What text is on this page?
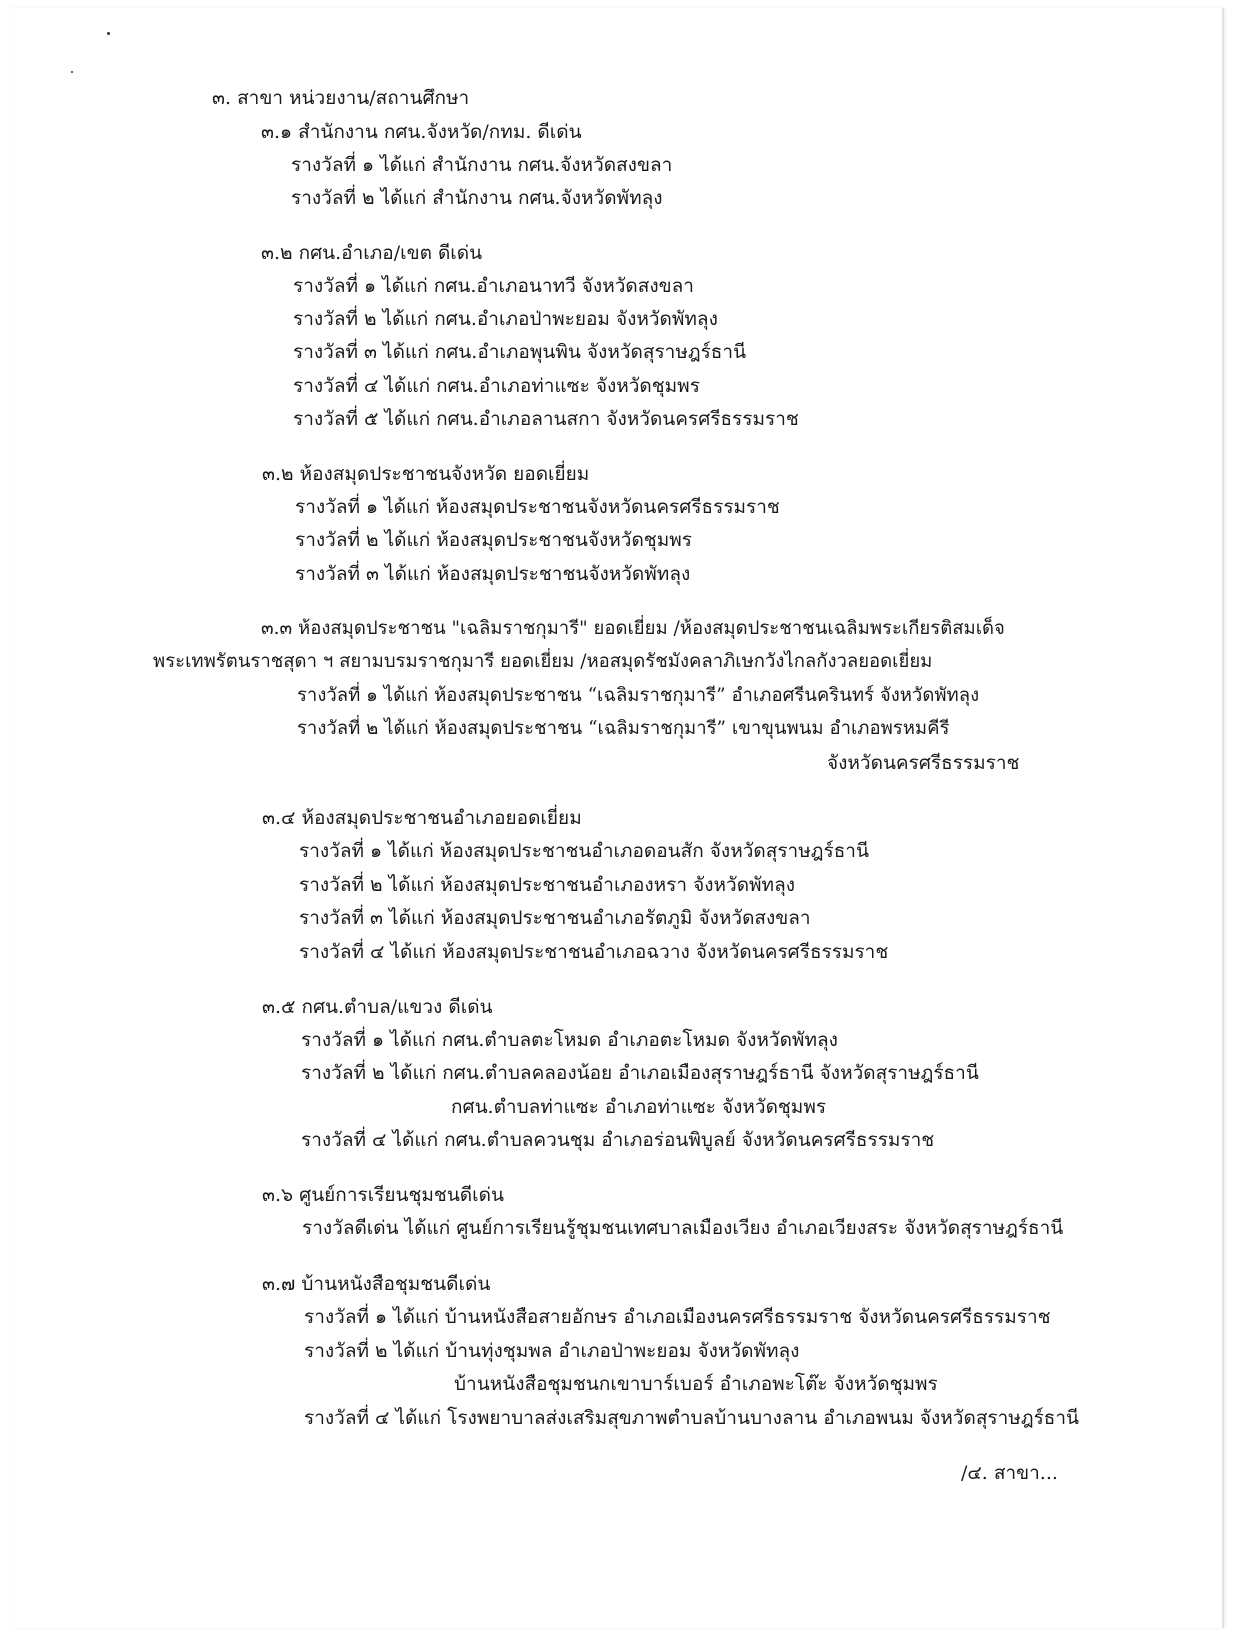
๓. สาขา หน่วยงาน/สถานศึกษา
๓.๑ สำนักงาน กศน.จังหวัด/กทม. ดีเด่น
รางวัลที่ ๑ ได้แก่ สำนักงาน กศน.จังหวัดสงขลา
รางวัลที่ ๒ ได้แก่ สำนักงาน กศน.จังหวัดพัทลุง
๓.๒ กศน.อำเภอ/เขต ดีเด่น
รางวัลที่ ๑ ได้แก่ กศน.อำเภอนาทวี จังหวัดสงขลา
รางวัลที่ ๒ ได้แก่ กศน.อำเภอป่าพะยอม จังหวัดพัทลุง
รางวัลที่ ๓ ได้แก่ กศน.อำเภอพุนพิน จังหวัดสุราษฎร์ธานี
รางวัลที่ ๔ ได้แก่ กศน.อำเภอท่าแซะ จังหวัดชุมพร
รางวัลที่ ๕ ได้แก่ กศน.อำเภอลานสกา จังหวัดนครศรีธรรมราช
๓.๒ ห้องสมุดประชาชนจังหวัด ยอดเยี่ยม
รางวัลที่ ๑ ได้แก่ ห้องสมุดประชาชนจังหวัดนครศรีธรรมราช
รางวัลที่ ๒ ได้แก่ ห้องสมุดประชาชนจังหวัดชุมพร
รางวัลที่ ๓ ได้แก่ ห้องสมุดประชาชนจังหวัดพัทลุง
๓.๓ ห้องสมุดประชาชน "เฉลิมราชกุมารี" ยอดเยี่ยม /ห้องสมุดประชาชนเฉลิมพระเกียรติสมเด็จ
พระเทพรัตนราชสุดา ฯ สยามบรมราชกุมารี ยอดเยี่ยม /หอสมุดรัชมังคลาภิเษกวังไกลกังวลยอดเยี่ยม
รางวัลที่ ๑ ได้แก่ ห้องสมุดประชาชน “เฉลิมราชกุมารี” อำเภอศรีนครินทร์ จังหวัดพัทลุง
รางวัลที่ ๒ ได้แก่ ห้องสมุดประชาชน “เฉลิมราชกุมารี” เขาขุนพนม อำเภอพรหมคีรี
จังหวัดนครศรีธรรมราช
๓.๔ ห้องสมุดประชาชนอำเภอยอดเยี่ยม
รางวัลที่ ๑ ได้แก่ ห้องสมุดประชาชนอำเภอดอนสัก จังหวัดสุราษฎร์ธานี
รางวัลที่ ๒ ได้แก่ ห้องสมุดประชาชนอำเภองหรา จังหวัดพัทลุง
รางวัลที่ ๓ ได้แก่ ห้องสมุดประชาชนอำเภอรัตภูมิ จังหวัดสงขลา
รางวัลที่ ๔ ได้แก่ ห้องสมุดประชาชนอำเภอฉวาง จังหวัดนครศรีธรรมราช
๓.๕ กศน.ตำบล/แขวง ดีเด่น
รางวัลที่ ๑ ได้แก่ กศน.ตำบลตะโหมด อำเภอตะโหมด จังหวัดพัทลุง
รางวัลที่ ๒ ได้แก่ กศน.ตำบลคลองน้อย อำเภอเมืองสุราษฎร์ธานี จังหวัดสุราษฎร์ธานี
กศน.ตำบลท่าแซะ อำเภอท่าแซะ จังหวัดชุมพร
รางวัลที่ ๔ ได้แก่ กศน.ตำบลควนชุม อำเภอร่อนพิบูลย์ จังหวัดนครศรีธรรมราช
๓.๖ ศูนย์การเรียนชุมชนดีเด่น
รางวัลดีเด่น ได้แก่ ศูนย์การเรียนรู้ชุมชนเทศบาลเมืองเวียง อำเภอเวียงสระ จังหวัดสุราษฎร์ธานี
๓.๗ บ้านหนังสือชุมชนดีเด่น
รางวัลที่ ๑ ได้แก่ บ้านหนังสือสายอักษร อำเภอเมืองนครศรีธรรมราช จังหวัดนครศรีธรรมราช
รางวัลที่ ๒ ได้แก่ บ้านทุ่งชุมพล อำเภอป่าพะยอม จังหวัดพัทลุง
บ้านหนังสือชุมชนกเขาบาร์เบอร์ อำเภอพะโต๊ะ จังหวัดชุมพร
รางวัลที่ ๔ ได้แก่ โรงพยาบาลส่งเสริมสุขภาพตำบลบ้านบางลาน อำเภอพนม จังหวัดสุราษฎร์ธานี
/๔. สาขา...
